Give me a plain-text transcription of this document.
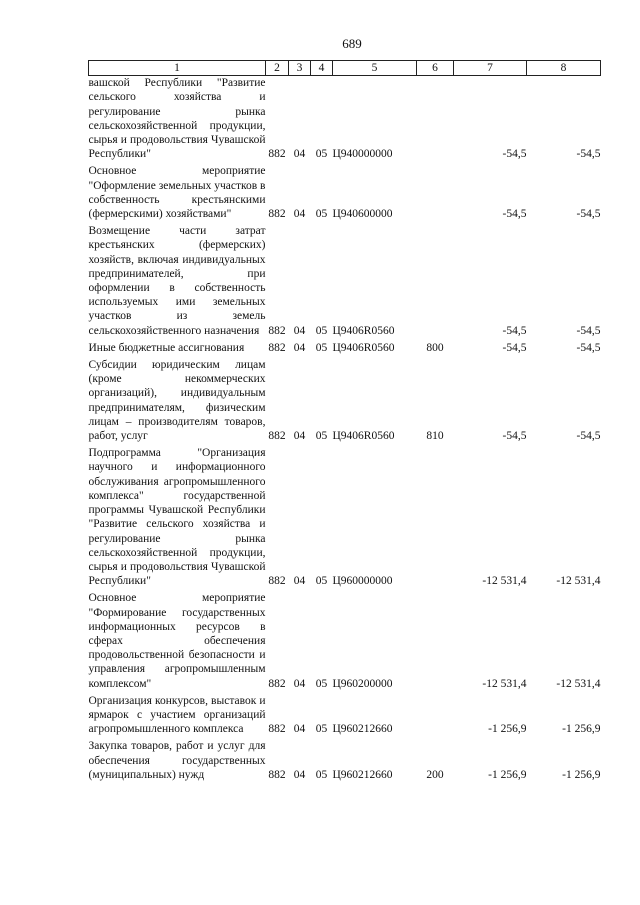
689
1	2	3	4	5	6	7	8
вашской Республики "Развитие сельского хозяйства и регулирование рынка сельскохозяйственной продукции, сырья и продовольствия Чувашской Республики"	882	04	05	Ц940000000		-54,5	-54,5
Основное мероприятие "Оформление земельных участков в собственность крестьянскими (фермерскими) хозяйствами"	882	04	05	Ц940600000		-54,5	-54,5
Возмещение части затрат крестьянских (фермерских) хозяйств, включая индивидуальных предпринимателей, при оформлении в собственность используемых ими земельных участков из земель сельскохозяйственного назначения	882	04	05	Ц9406R0560		-54,5	-54,5
Иные бюджетные ассигнования	882	04	05	Ц9406R0560	800	-54,5	-54,5
Субсидии юридическим лицам (кроме некоммерческих организаций), индивидуальным предпринимателям, физическим лицам – производителям товаров, работ, услуг	882	04	05	Ц9406R0560	810	-54,5	-54,5
Подпрограмма "Организация научного и информационного обслуживания агропромышленного комплекса" государственной программы Чувашской Республики "Развитие сельского хозяйства и регулирование рынка сельскохозяйственной продукции, сырья и продовольствия Чувашской Республики"	882	04	05	Ц960000000		-12 531,4	-12 531,4
Основное мероприятие "Формирование государственных информационных ресурсов в сферах обеспечения продовольственной безопасности и управления агропромышленным комплексом"	882	04	05	Ц960200000		-12 531,4	-12 531,4
Организация конкурсов, выставок и ярмарок с участием организаций агропромышленного комплекса	882	04	05	Ц960212660		-1 256,9	-1 256,9
Закупка товаров, работ и услуг для обеспечения государственных (муниципальных) нужд	882	04	05	Ц960212660	200	-1 256,9	-1 256,9
